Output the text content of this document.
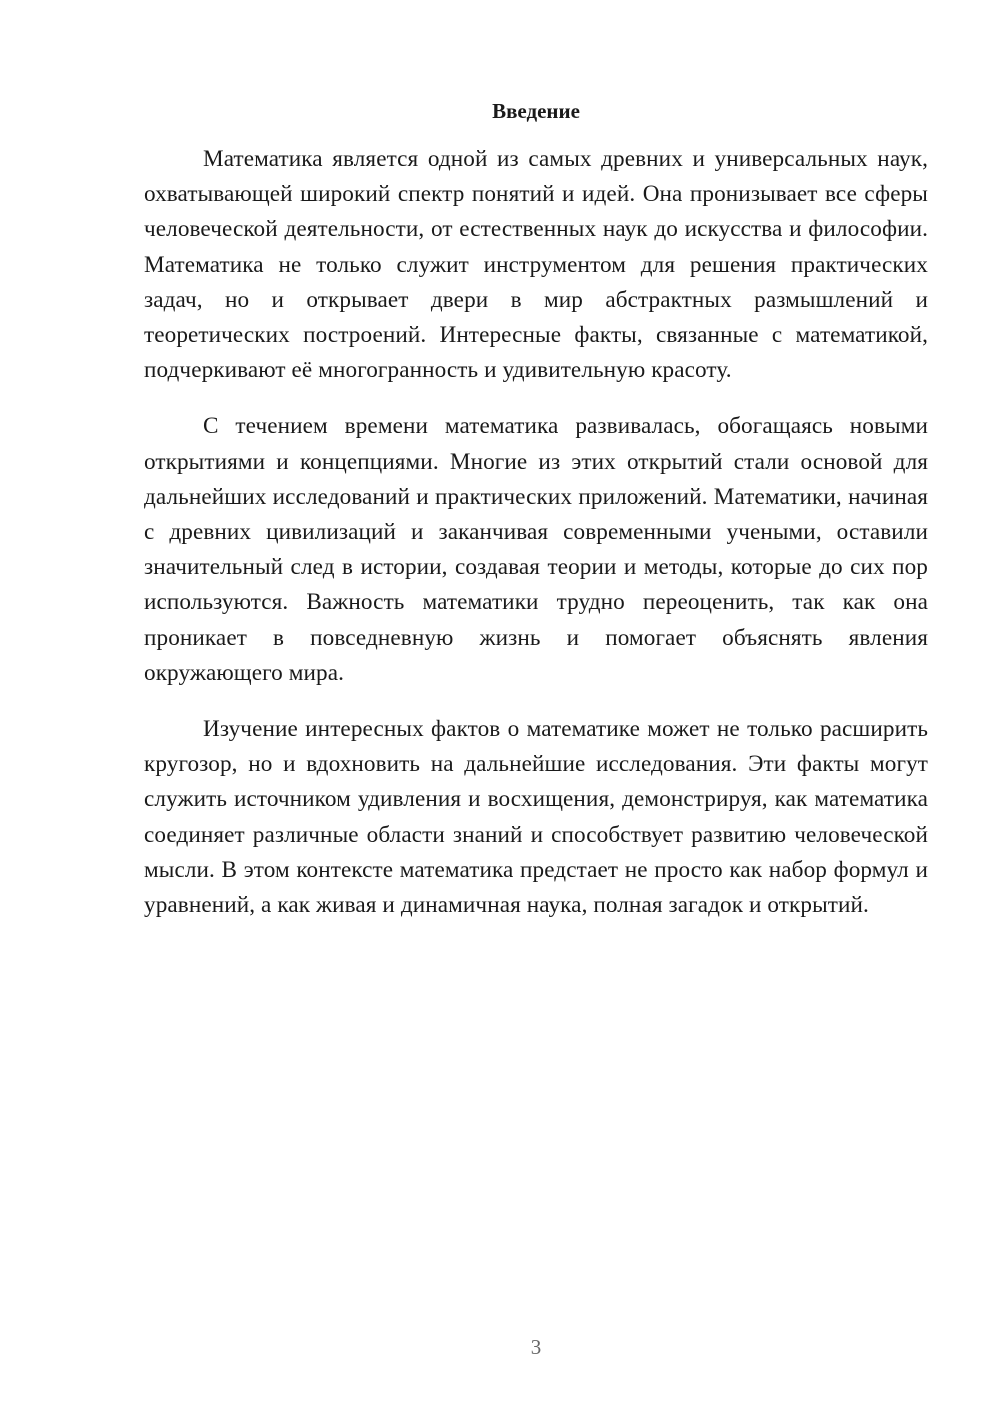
Введение

Математика является одной из самых древних и универсальных наук, охватывающей широкий спектр понятий и идей. Она пронизывает все сферы человеческой деятельности, от естественных наук до искусства и философии. Математика не только служит инструментом для решения практических задач, но и открывает двери в мир абстрактных размышлений и теоретических построений. Интересные факты, связанные с математикой, подчеркивают её многогранность и удивительную красоту.

С течением времени математика развивалась, обогащаясь новыми открытиями и концепциями. Многие из этих открытий стали основой для дальнейших исследований и практических приложений. Математики, начиная с древних цивилизаций и заканчивая современными учеными, оставили значительный след в истории, создавая теории и методы, которые до сих пор используются. Важность математики трудно переоценить, так как она проникает в повседневную жизнь и помогает объяснять явления окружающего мира.

Изучение интересных фактов о математике может не только расширить кругозор, но и вдохновить на дальнейшие исследования. Эти факты могут служить источником удивления и восхищения, демонстрируя, как математика соединяет различные области знаний и способствует развитию человеческой мысли. В этом контексте математика предстает не просто как набор формул и уравнений, а как живая и динамичная наука, полная загадок и открытий.

3
